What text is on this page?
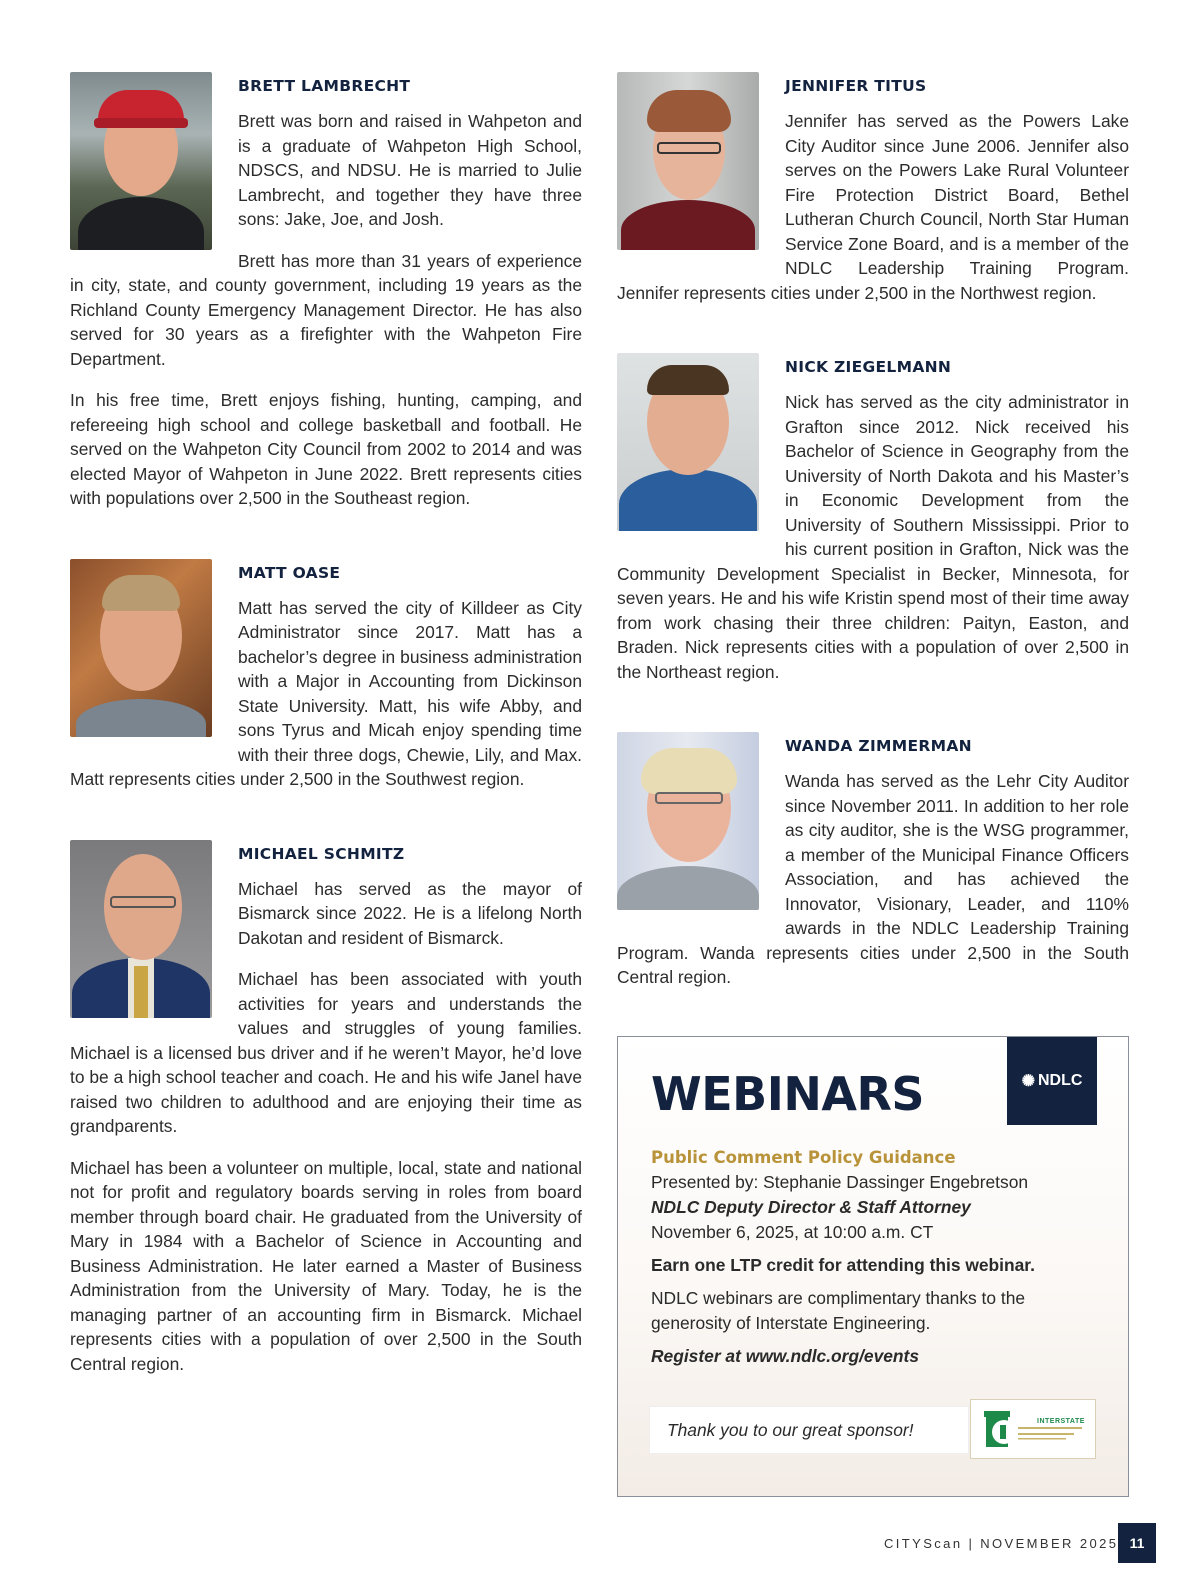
BRETT LAMBRECHT

Brett was born and raised in Wahpeton and is a graduate of Wahpeton High School, NDSCS, and NDSU. He is married to Julie Lambrecht, and together they have three sons: Jake, Joe, and Josh.

Brett has more than 31 years of experience in city, state, and county government, including 19 years as the Richland County Emergency Management Director. He has also served for 30 years as a firefighter with the Wahpeton Fire Department.

In his free time, Brett enjoys fishing, hunting, camping, and refereeing high school and college basketball and football. He served on the Wahpeton City Council from 2002 to 2014 and was elected Mayor of Wahpeton in June 2022. Brett represents cities with populations over 2,500 in the Southeast region.

MATT OASE

Matt has served the city of Killdeer as City Administrator since 2017. Matt has a bachelor’s degree in business administration with a Major in Accounting from Dickinson State University. Matt, his wife Abby, and sons Tyrus and Micah enjoy spending time with their three dogs, Chewie, Lily, and Max. Matt represents cities under 2,500 in the Southwest region.

MICHAEL SCHMITZ

Michael has served as the mayor of Bismarck since 2022. He is a lifelong North Dakotan and resident of Bismarck.

Michael has been associated with youth activities for years and understands the values and struggles of young families. Michael is a licensed bus driver and if he weren’t Mayor, he’d love to be a high school teacher and coach. He and his wife Janel have raised two children to adulthood and are enjoying their time as grandparents.

Michael has been a volunteer on multiple, local, state and national not for profit and regulatory boards serving in roles from board member through board chair. He graduated from the University of Mary in 1984 with a Bachelor of Science in Accounting and Business Administration. He later earned a Master of Business Administration from the University of Mary. Today, he is the managing partner of an accounting firm in Bismarck. Michael represents cities with a population of over 2,500 in the South Central region.

JENNIFER TITUS

Jennifer has served as the Powers Lake City Auditor since June 2006. Jennifer also serves on the Powers Lake Rural Volunteer Fire Protection District Board, Bethel Lutheran Church Council, North Star Human Service Zone Board, and is a member of the NDLC Leadership Training Program. Jennifer represents cities under 2,500 in the Northwest region.

NICK ZIEGELMANN

Nick has served as the city administrator in Grafton since 2012. Nick received his Bachelor of Science in Geography from the University of North Dakota and his Master’s in Economic Development from the University of Southern Mississippi. Prior to his current position in Grafton, Nick was the Community Development Specialist in Becker, Minnesota, for seven years. He and his wife Kristin spend most of their time away from work chasing their three children: Paityn, Easton, and Braden. Nick represents cities with a population of over 2,500 in the Northeast region.

WANDA ZIMMERMAN

Wanda has served as the Lehr City Auditor since November 2011. In addition to her role as city auditor, she is the WSG programmer, a member of the Municipal Finance Officers Association, and has achieved the Innovator, Visionary, Leader, and 110% awards in the NDLC Leadership Training Program. Wanda represents cities under 2,500 in the South Central region.

WEBINARS	✺ NDLC
Public Comment Policy Guidance
Presented by: Stephanie Dassinger Engebretson
NDLC Deputy Director & Staff Attorney
November 6, 2025, at 10:00 a.m. CT
Earn one LTP credit for attending this webinar.
NDLC webinars are complimentary thanks to the generosity of Interstate Engineering.
Register at www.ndlc.org/events
Thank you to our great sponsor!	INTERSTATE
CITYScan | NOVEMBER 2025 11
